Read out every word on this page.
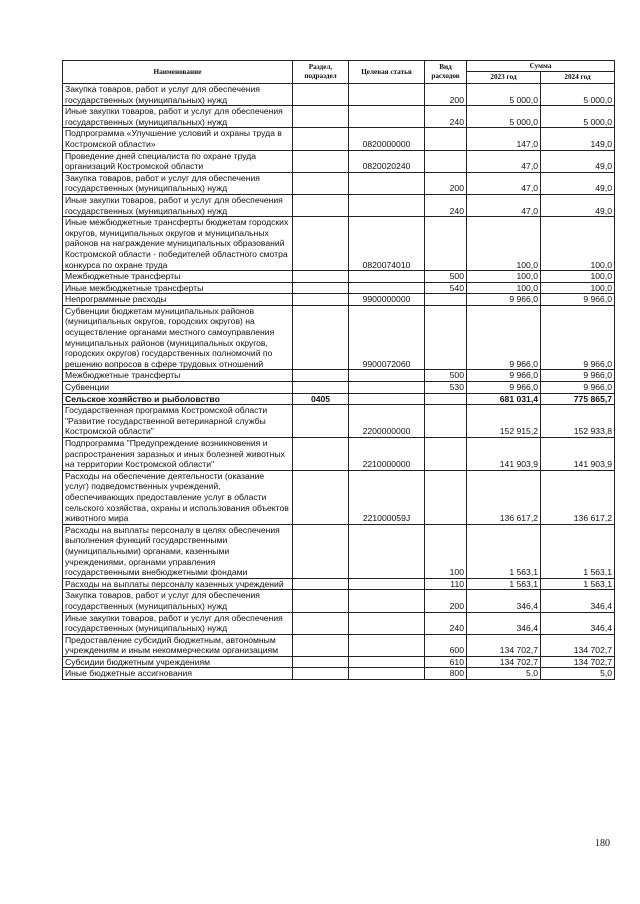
Наименование	Раздел, подраздел	Целевая статья	Вид расходов	Сумма	
				2023 год	2024 год
Закупка товаров, работ и услуг для обеспечения государственных (муниципальных) нужд			200	5 000,0	5 000,0
Иные закупки товаров, работ и услуг для обеспечения государственных (муниципальных) нужд			240	5 000,0	5 000,0
Подпрограмма «Улучшение условий и охраны труда в Костромской области»		0820000000		147,0	149,0
Проведение дней специалиста по охране труда организаций Костромской области		0820020240		47,0	49,0
Закупка товаров, работ и услуг для обеспечения государственных (муниципальных) нужд			200	47,0	49,0
Иные закупки товаров, работ и услуг для обеспечения государственных (муниципальных) нужд			240	47,0	49,0
Иные межбюджетные трансферты бюджетам городских округов, муниципальных округов и муниципальных районов на награждение муниципальных образований Костромской области - победителей областного смотра конкурса по охране труда		0820074010		100,0	100,0
Межбюджетные трансферты			500	100,0	100,0
Иные межбюджетные трансферты			540	100,0	100,0
Непрограммные расходы		9900000000		9 966,0	9 966,0
Субвенции бюджетам муниципальных районов (муниципальных округов, городских округов) на осуществление органами местного самоуправления муниципальных районов (муниципальных округов, городских округов) государственных полномочий по решению вопросов в сфере трудовых отношений		9900072060		9 966,0	9 966,0
Межбюджетные трансферты			500	9 966,0	9 966,0
Субвенции			530	9 966,0	9 966,0
Сельское хозяйство и рыболовство	0405			681 031,4	775 865,7
Государственная программа Костромской области "Развитие государственной ветеринарной службы Костромской области"		2200000000		152 915,2	152 933,8
Подпрограмма "Предупреждение возникновения и распространения заразных и иных болезней животных на территории Костромской области"		2210000000		141 903,9	141 903,9
Расходы на обеспечение деятельности (оказание услуг) подведомственных учреждений, обеспечивающих предоставление услуг в области сельского хозяйства, охраны и использования объектов животного мира		221000059J		136 617,2	136 617,2
Расходы на выплаты персоналу в целях обеспечения выполнения функций государственными (муниципальными) органами, казенными учреждениями, органами управления государственными внебюджетными фондами			100	1 563,1	1 563,1
Расходы на выплаты персоналу казенных учреждений			110	1 563,1	1 563,1
Закупка товаров, работ и услуг для обеспечения государственных (муниципальных) нужд			200	346,4	346,4
Иные закупки товаров, работ и услуг для обеспечения государственных (муниципальных) нужд			240	346,4	346,4
Предоставление субсидий бюджетным, автономным учреждениям и иным некоммерческим организациям			600	134 702,7	134 702,7
Субсидии бюджетным учреждениям			610	134 702,7	134 702,7
Иные бюджетные ассигнования			800	5,0	5,0
180
